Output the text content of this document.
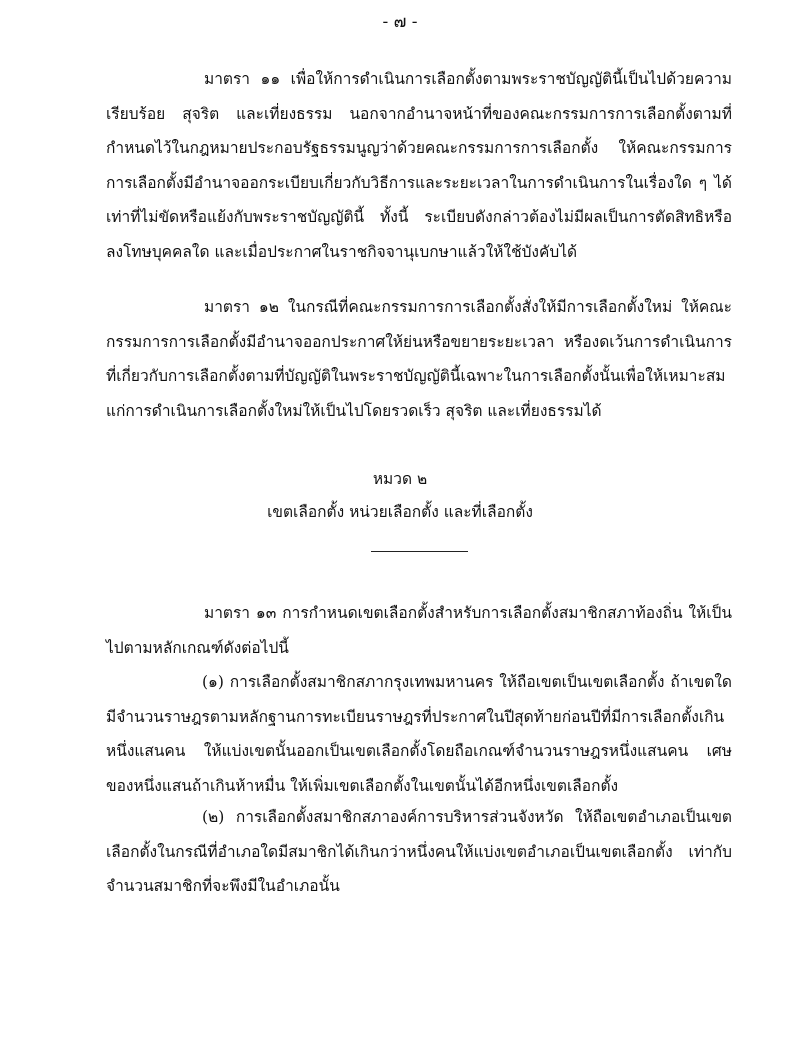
- ๗ -

มาตรา ๑๑ เพื่อให้การดำเนินการเลือกตั้งตามพระราชบัญญัตินี้เป็นไปด้วยความเรียบร้อย สุจริต และเที่ยงธรรม นอกจากอำนาจหน้าที่ของคณะกรรมการการเลือกตั้งตามที่กำหนดไว้ในกฎหมายประกอบรัฐธรรมนูญว่าด้วยคณะกรรมการการเลือกตั้ง ให้คณะกรรมการการเลือกตั้งมีอำนาจออกระเบียบเกี่ยวกับวิธีการและระยะเวลาในการดำเนินการในเรื่องใด ๆ ได้เท่าที่ไม่ขัดหรือแย้งกับพระราชบัญญัตินี้ ทั้งนี้ ระเบียบดังกล่าวต้องไม่มีผลเป็นการตัดสิทธิหรือลงโทษบุคคลใด และเมื่อประกาศในราชกิจจานุเบกษาแล้วให้ใช้บังคับได้

มาตรา ๑๒ ในกรณีที่คณะกรรมการการเลือกตั้งสั่งให้มีการเลือกตั้งใหม่ ให้คณะกรรมการการเลือกตั้งมีอำนาจออกประกาศให้ย่นหรือขยายระยะเวลา หรืองดเว้นการดำเนินการที่เกี่ยวกับการเลือกตั้งตามที่บัญญัติในพระราชบัญญัตินี้เฉพาะในการเลือกตั้งนั้นเพื่อให้เหมาะสมแก่การดำเนินการเลือกตั้งใหม่ให้เป็นไปโดยรวดเร็ว สุจริต และเที่ยงธรรมได้

หมวด ๒
เขตเลือกตั้ง หน่วยเลือกตั้ง และที่เลือกตั้ง

มาตรา ๑๓ การกำหนดเขตเลือกตั้งสำหรับการเลือกตั้งสมาชิกสภาท้องถิ่น ให้เป็นไปตามหลักเกณฑ์ดังต่อไปนี้

(๑) การเลือกตั้งสมาชิกสภากรุงเทพมหานคร ให้ถือเขตเป็นเขตเลือกตั้ง ถ้าเขตใดมีจำนวนราษฎรตามหลักฐานการทะเบียนราษฎรที่ประกาศในปีสุดท้ายก่อนปีที่มีการเลือกตั้งเกินหนึ่งแสนคน ให้แบ่งเขตนั้นออกเป็นเขตเลือกตั้งโดยถือเกณฑ์จำนวนราษฎรหนึ่งแสนคน เศษของหนึ่งแสนถ้าเกินห้าหมื่น ให้เพิ่มเขตเลือกตั้งในเขตนั้นได้อีกหนึ่งเขตเลือกตั้ง

(๒) การเลือกตั้งสมาชิกสภาองค์การบริหารส่วนจังหวัด ให้ถือเขตอำเภอเป็นเขตเลือกตั้งในกรณีที่อำเภอใดมีสมาชิกได้เกินกว่าหนึ่งคนให้แบ่งเขตอำเภอเป็นเขตเลือกตั้ง เท่ากับจำนวนสมาชิกที่จะพึงมีในอำเภอนั้น
